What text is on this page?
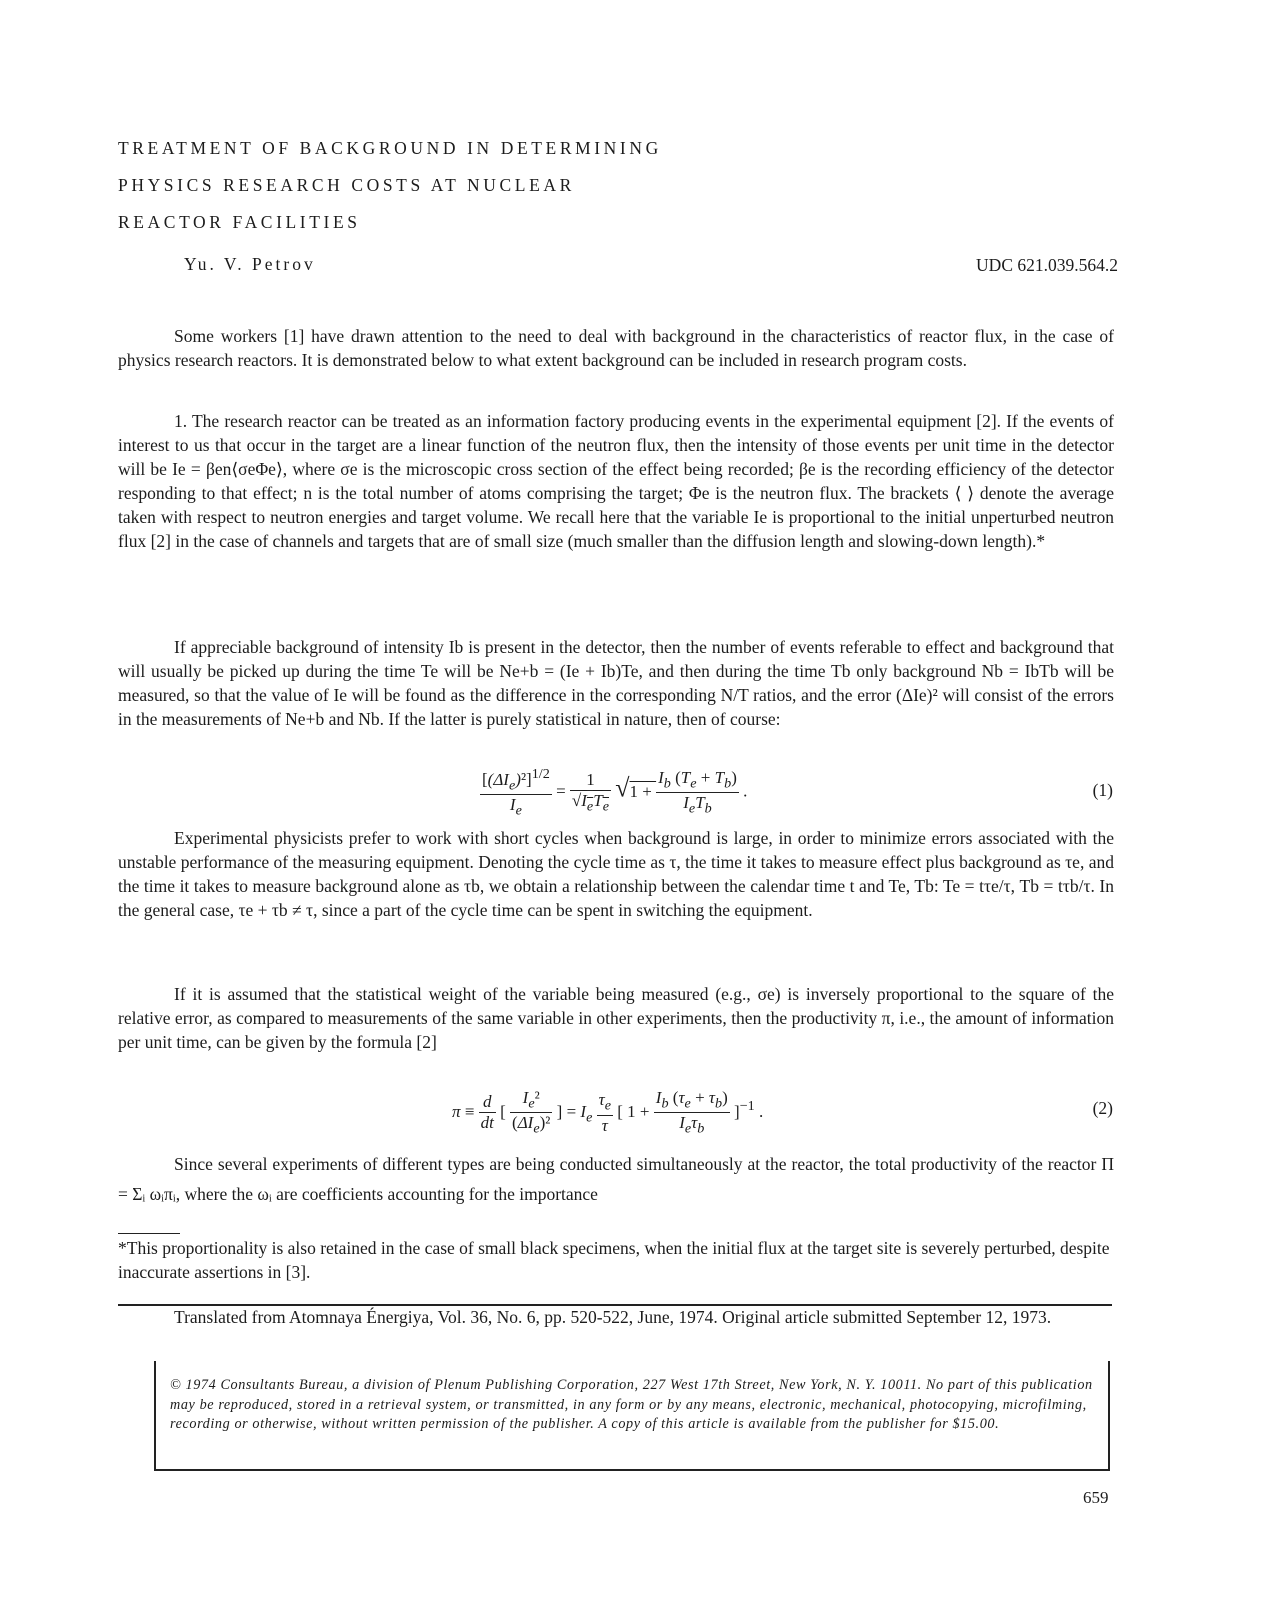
TREATMENT OF BACKGROUND IN DETERMINING
PHYSICS RESEARCH COSTS AT NUCLEAR
REACTOR FACILITIES
Yu. V. Petrov	UDC 621.039.564.2
Some workers [1] have drawn attention to the need to deal with background in the characteristics of reactor flux, in the case of physics research reactors. It is demonstrated below to what extent background can be included in research program costs.
1. The research reactor can be treated as an information factory producing events in the experimental equipment [2]. If the events of interest to us that occur in the target are a linear function of the neutron flux, then the intensity of those events per unit time in the detector will be Ie = βen⟨σeΦe⟩, where σe is the microscopic cross section of the effect being recorded; βe is the recording efficiency of the detector responding to that effect; n is the total number of atoms comprising the target; Φe is the neutron flux. The brackets ⟨ ⟩ denote the average taken with respect to neutron energies and target volume. We recall here that the variable Ie is proportional to the initial unperturbed neutron flux [2] in the case of channels and targets that are of small size (much smaller than the diffusion length and slowing-down length).*
If appreciable background of intensity Ib is present in the detector, then the number of events referable to effect and background that will usually be picked up during the time Te will be Ne+b = (Ie + Ib)Te, and then during the time Tb only background Nb = IbTb will be measured, so that the value of Ie will be found as the difference in the corresponding N/T ratios, and the error (ΔIe)² will consist of the errors in the measurements of Ne+b and Nb. If the latter is purely statistical in nature, then of course:
$\frac{[(\Delta I_e)^2]^{1/2}}{I_e} = \frac{1}{√I_eT_e} √1 + \frac{I_b (T_e + T_b)}{I_eT_b}$ .	(1)
Experimental physicists prefer to work with short cycles when background is large, in order to minimize errors associated with the unstable performance of the measuring equipment. Denoting the cycle time as τ, the time it takes to measure effect plus background as τe, and the time it takes to measure background alone as τb, we obtain a relationship between the calendar time t and Te, Tb: Te = tτe/τ, Tb = tτb/τ. In the general case, τe + τb ≠ τ, since a part of the cycle time can be spent in switching the equipment.
If it is assumed that the statistical weight of the variable being measured (e.g., σe) is inversely proportional to the square of the relative error, as compared to measurements of the same variable in other experiments, then the productivity π, i.e., the amount of information per unit time, can be given by the formula [2]
$\pi \equiv \frac{d}{dt}$ [ $\frac{I_e^2}{(\Delta I_e)^2}$ ] = $I_e \frac{\tau_e}{\tau}$ [ $1 + \frac{I_b (\tau_e + \tau_b)}{I_e\tau_b} ]^{-1}$ .	(2)
Since several experiments of different types are being conducted simultaneously at the reactor, the total productivity of the reactor Π = Σᵢ ωᵢπᵢ, where the ωᵢ are coefficients accounting for the importance
*This proportionality is also retained in the case of small black specimens, when the initial flux at the target site is severely perturbed, despite inaccurate assertions in [3].
Translated from Atomnaya Énergiya, Vol. 36, No. 6, pp. 520-522, June, 1974. Original article submitted September 12, 1973.
© 1974 Consultants Bureau, a division of Plenum Publishing Corporation, 227 West 17th Street, New York, N. Y. 10011. No part of this publication may be reproduced, stored in a retrieval system, or transmitted, in any form or by any means, electronic, mechanical, photocopying, microfilming, recording or otherwise, without written permission of the publisher. A copy of this article is available from the publisher for $15.00.
659
